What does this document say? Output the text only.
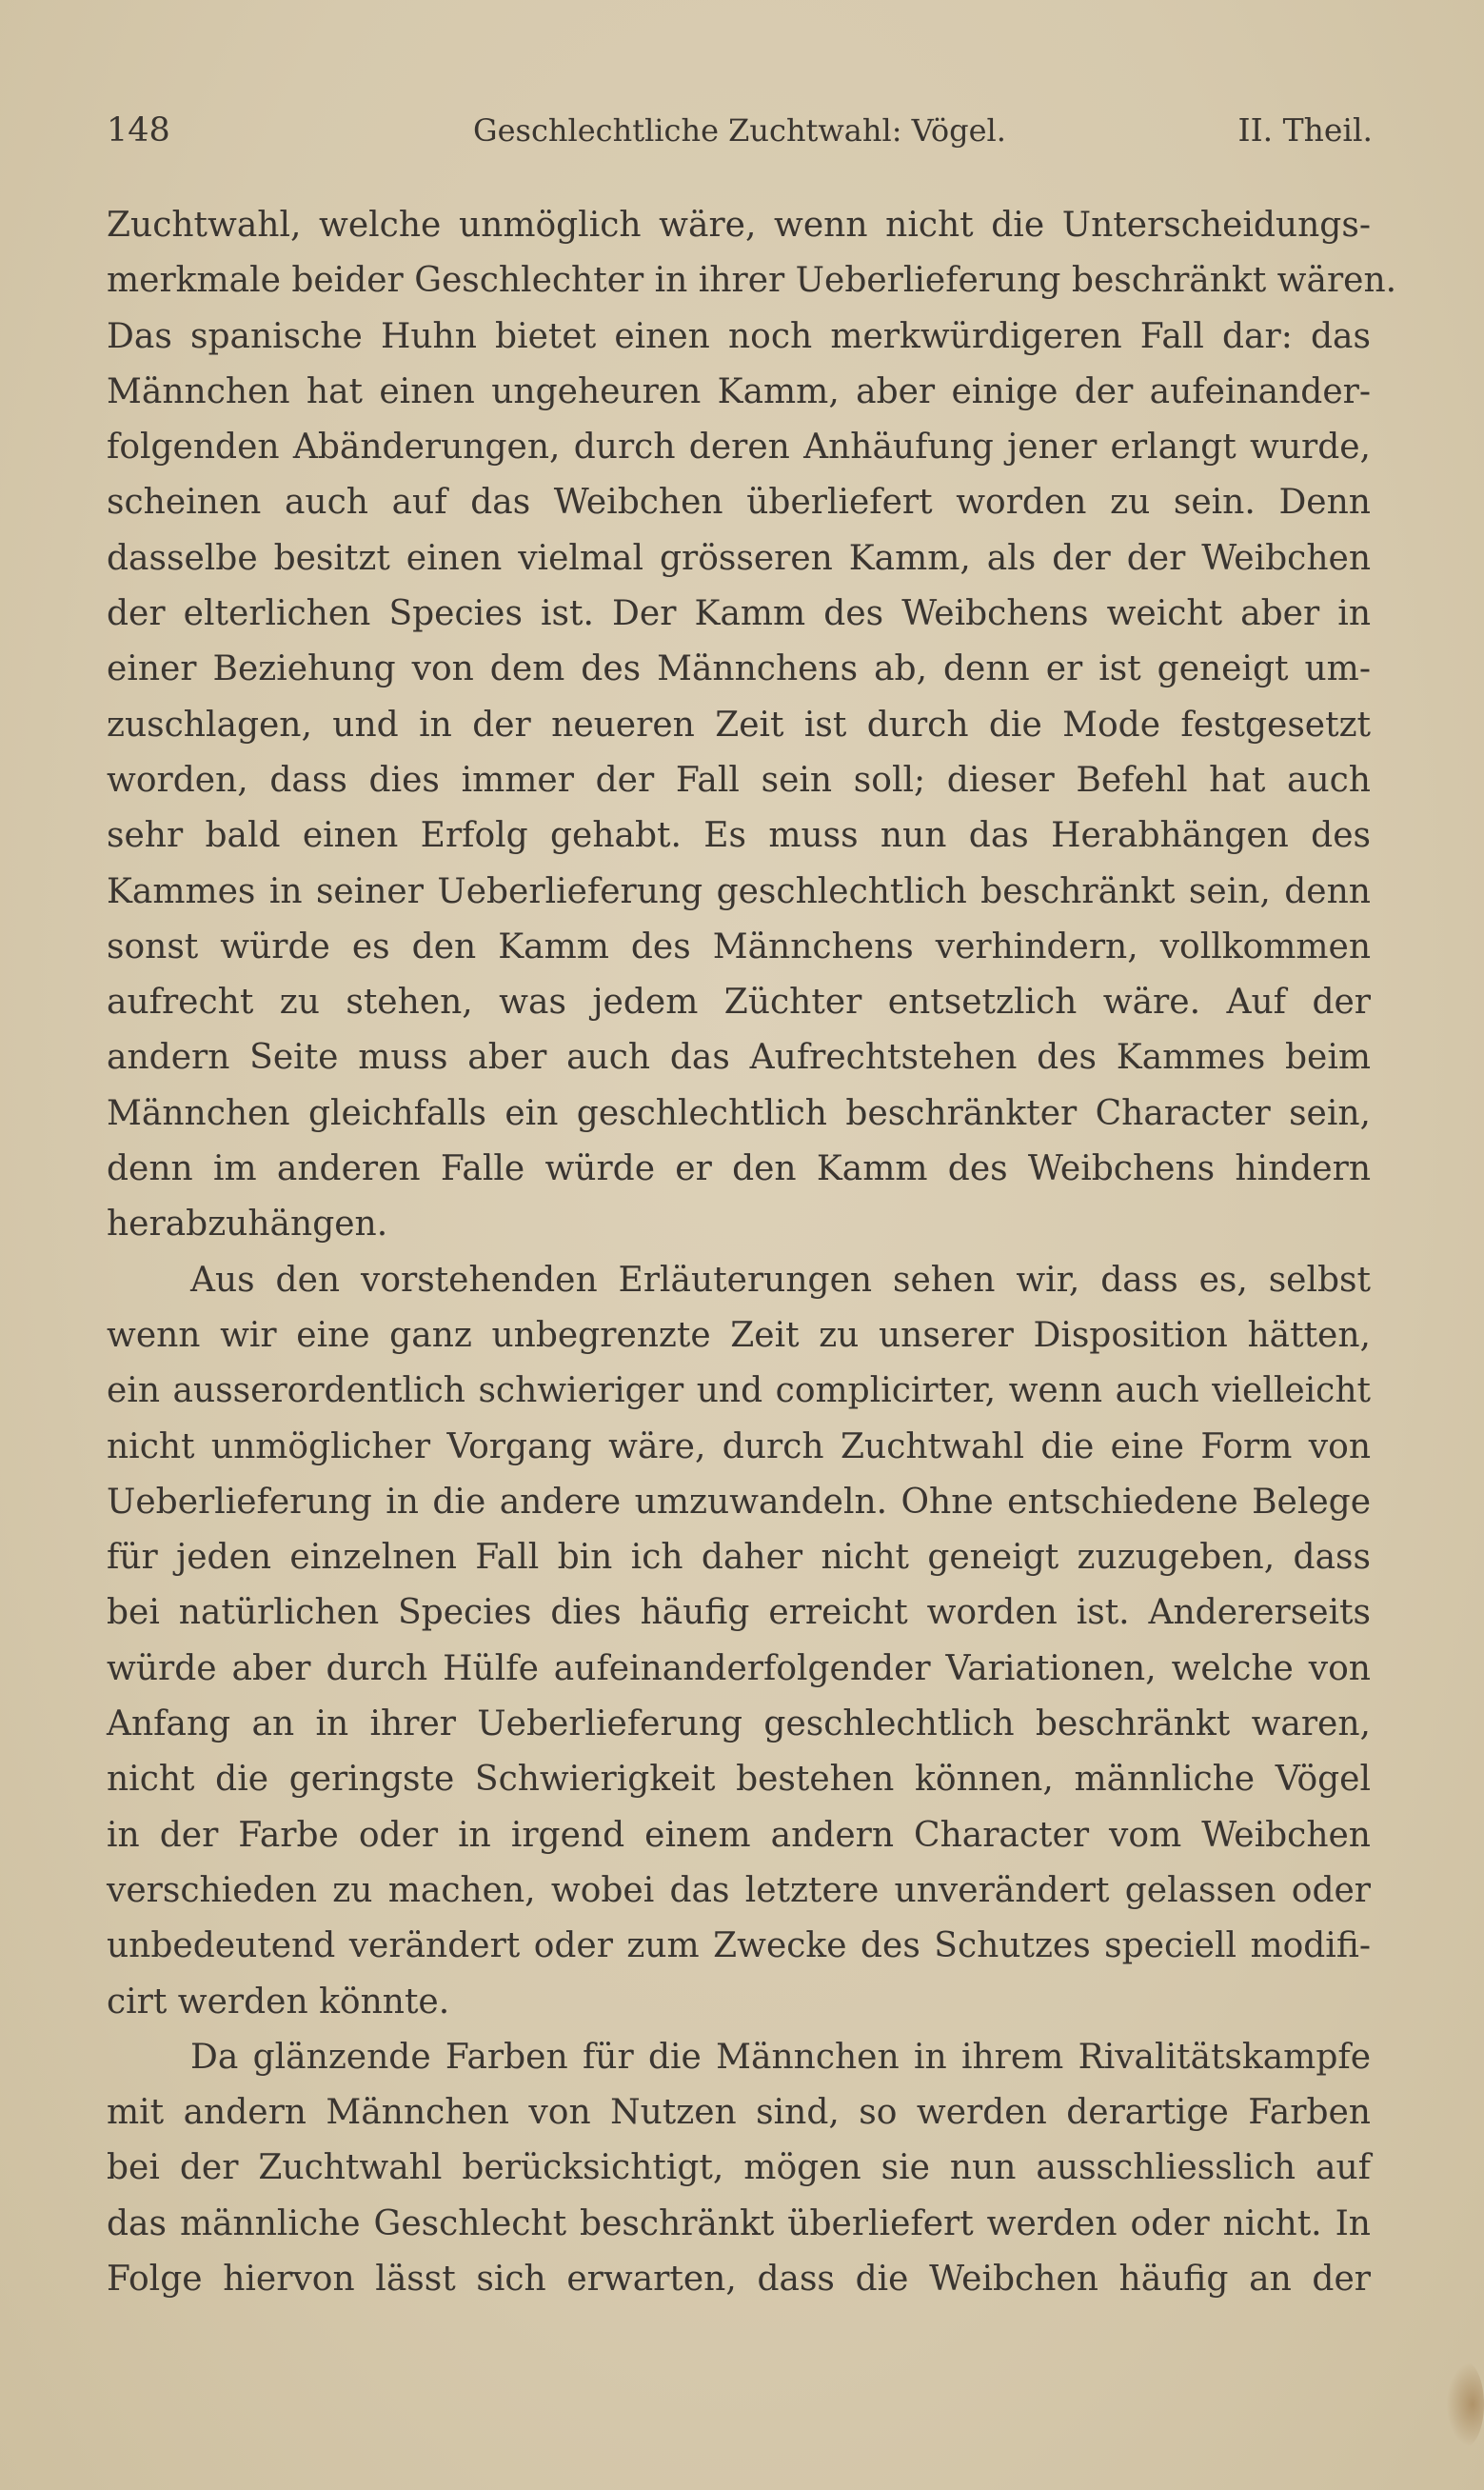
148	Geschlechtliche Zuchtwahl: Vögel.	II. Theil.
Zuchtwahl, welche unmöglich wäre, wenn nicht die Unterscheidungs-
merkmale beider Geschlechter in ihrer Ueberlieferung beschränkt wären.
Das spanische Huhn bietet einen noch merkwürdigeren Fall dar: das
Männchen hat einen ungeheuren Kamm, aber einige der aufeinander-
folgenden Abänderungen, durch deren Anhäufung jener erlangt wurde,
scheinen auch auf das Weibchen überliefert worden zu sein. Denn
dasselbe besitzt einen vielmal grösseren Kamm, als der der Weibchen
der elterlichen Species ist. Der Kamm des Weibchens weicht aber in
einer Beziehung von dem des Männchens ab, denn er ist geneigt um-
zuschlagen, und in der neueren Zeit ist durch die Mode festgesetzt
worden, dass dies immer der Fall sein soll; dieser Befehl hat auch
sehr bald einen Erfolg gehabt. Es muss nun das Herabhängen des
Kammes in seiner Ueberlieferung geschlechtlich beschränkt sein, denn
sonst würde es den Kamm des Männchens verhindern, vollkommen
aufrecht zu stehen, was jedem Züchter entsetzlich wäre. Auf der
andern Seite muss aber auch das Aufrechtstehen des Kammes beim
Männchen gleichfalls ein geschlechtlich beschränkter Character sein,
denn im anderen Falle würde er den Kamm des Weibchens hindern
herabzuhängen.
Aus den vorstehenden Erläuterungen sehen wir, dass es, selbst
wenn wir eine ganz unbegrenzte Zeit zu unserer Disposition hätten,
ein ausserordentlich schwieriger und complicirter, wenn auch vielleicht
nicht unmöglicher Vorgang wäre, durch Zuchtwahl die eine Form von
Ueberlieferung in die andere umzuwandeln. Ohne entschiedene Belege
für jeden einzelnen Fall bin ich daher nicht geneigt zuzugeben, dass
bei natürlichen Species dies häufig erreicht worden ist. Andererseits
würde aber durch Hülfe aufeinanderfolgender Variationen, welche von
Anfang an in ihrer Ueberlieferung geschlechtlich beschränkt waren,
nicht die geringste Schwierigkeit bestehen können, männliche Vögel
in der Farbe oder in irgend einem andern Character vom Weibchen
verschieden zu machen, wobei das letztere unverändert gelassen oder
unbedeutend verändert oder zum Zwecke des Schutzes speciell modifi-
cirt werden könnte.
Da glänzende Farben für die Männchen in ihrem Rivalitätskampfe
mit andern Männchen von Nutzen sind, so werden derartige Farben
bei der Zuchtwahl berücksichtigt, mögen sie nun ausschliesslich auf
das männliche Geschlecht beschränkt überliefert werden oder nicht. In
Folge hiervon lässt sich erwarten, dass die Weibchen häufig an der
